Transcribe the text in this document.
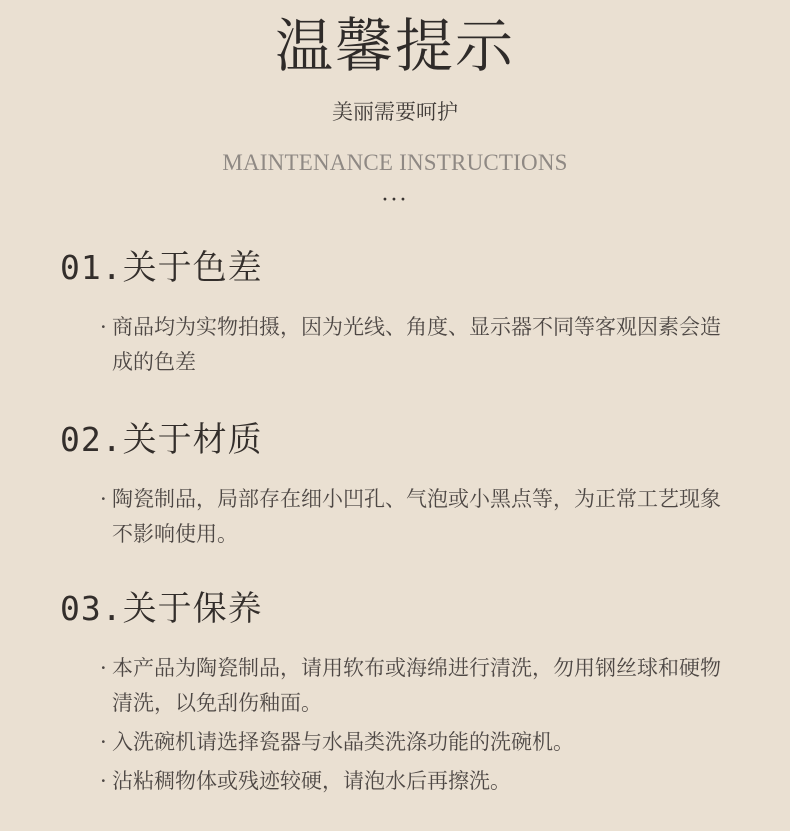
温馨提示
美丽需要呵护
MAINTENANCE INSTRUCTIONS
···
01.关于色差
· 商品均为实物拍摄，因为光线、角度、显示器不同等客观因素会造成的色差
02.关于材质
· 陶瓷制品，局部存在细小凹孔、气泡或小黑点等，为正常工艺现象不影响使用。
03.关于保养
· 本产品为陶瓷制品，请用软布或海绵进行清洗，勿用钢丝球和硬物清洗，以免刮伤釉面。
· 入洗碗机请选择瓷器与水晶类洗涤功能的洗碗机。
· 沾粘稠物体或残迹较硬，请泡水后再擦洗。
